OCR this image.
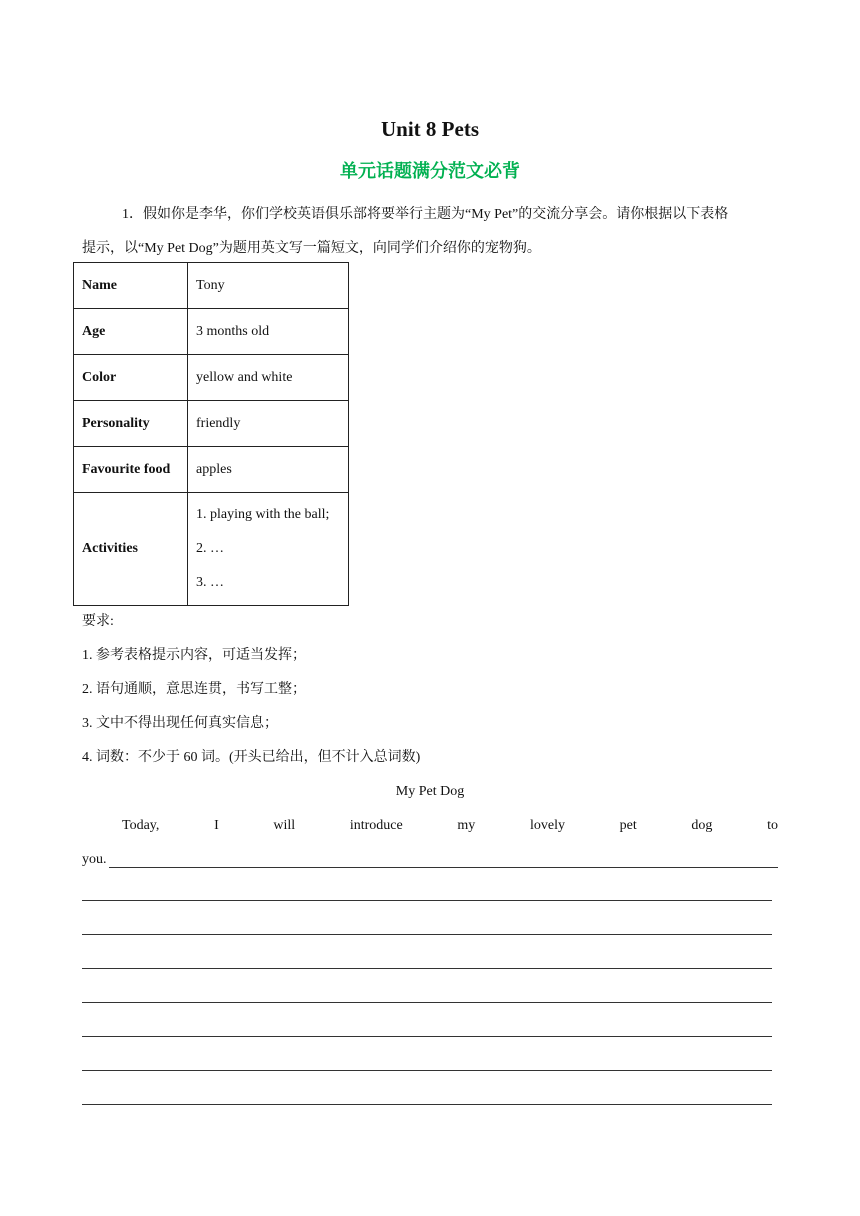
Unit 8 Pets
单元话题满分范文必背
1．假如你是李华，你们学校英语俱乐部将要举行主题为“My Pet”的交流分享会。请你根据以下表格
提示，以“My Pet Dog”为题用英文写一篇短文，向同学们介绍你的宠物狗。
Name	Tony
Age	3 months old
Color	yellow and white
Personality	friendly
Favourite food	apples
Activities	1. playing with the ball;
2. …
3. …
要求:
1. 参考表格提示内容，可适当发挥；
2. 语句通顺，意思连贯，书写工整；
3. 文中不得出现任何真实信息；
4. 词数：不少于 60 词。(开头已给出，但不计入总词数)
My Pet Dog
Today,	I	will	introduce	my	lovely	pet	dog	to
you.
